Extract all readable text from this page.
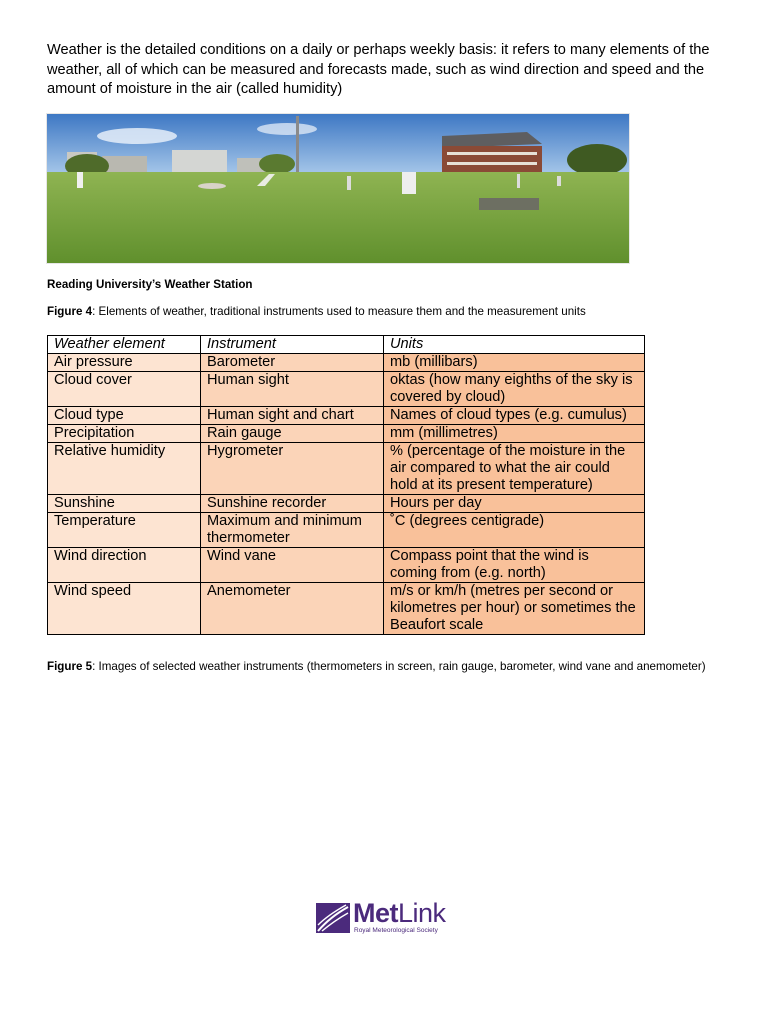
Weather is the detailed conditions on a daily or perhaps weekly basis: it refers to many elements of the weather, all of which can be measured and forecasts made, such as wind direction and speed and the amount of moisture in the air (called humidity)

Reading University’s Weather Station

Figure 4: Elements of weather, traditional instruments used to measure them and the measurement units

Weather element	Instrument	Units
Air pressure	Barometer	mb (millibars)
Cloud cover	Human sight	oktas (how many eighths of the sky is covered by cloud)
Cloud type	Human sight and chart	Names of cloud types (e.g. cumulus)
Precipitation	Rain gauge	mm (millimetres)
Relative humidity	Hygrometer	% (percentage of the moisture in the air compared to what the air could hold at its present temperature)
Sunshine	Sunshine recorder	Hours per day
Temperature	Maximum and minimum thermometer	˚C (degrees centigrade)
Wind direction	Wind vane	Compass point that the wind is coming from (e.g. north)
Wind speed	Anemometer	m/s or km/h (metres per second or kilometres per hour) or sometimes the Beaufort scale

Figure 5: Images of selected weather instruments (thermometers in screen, rain gauge, barometer, wind vane and anemometer)

MetLink
Royal Meteorological Society
